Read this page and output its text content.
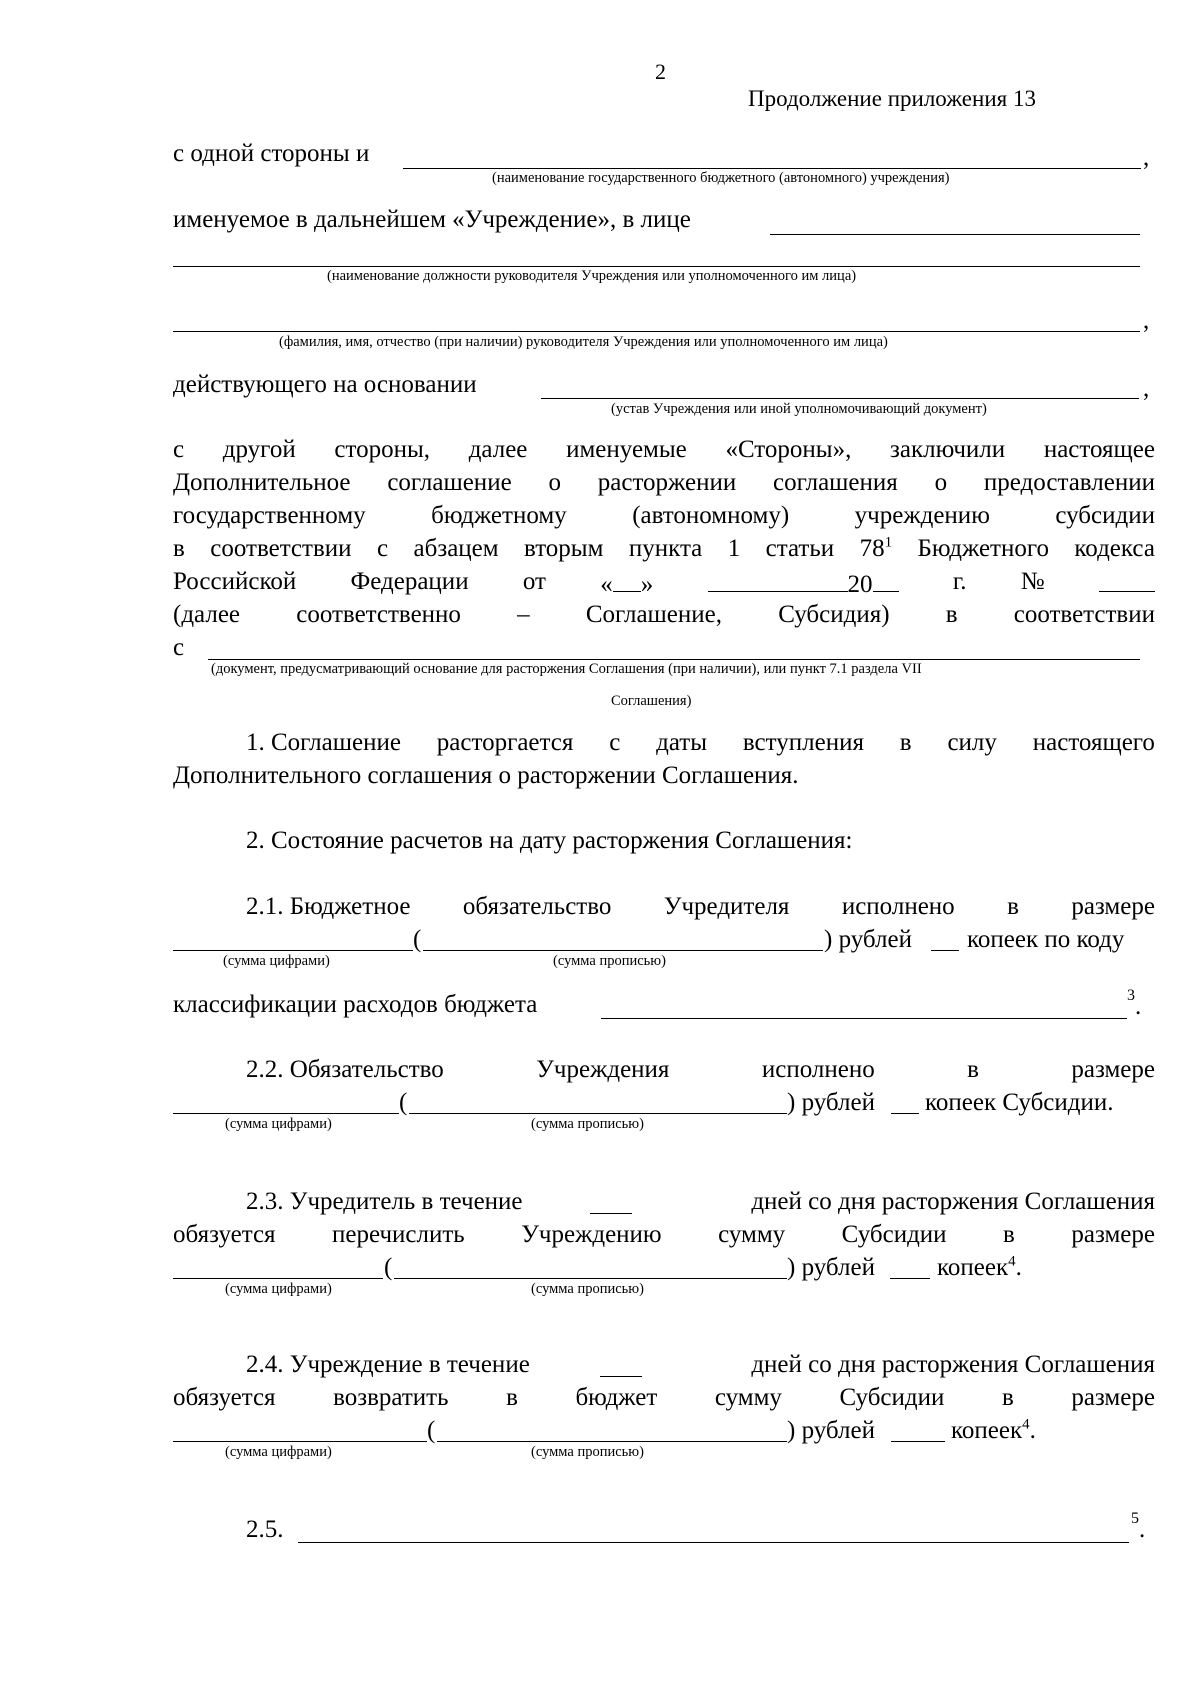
2
Продолжение приложения 13
с одной стороны и	,
(наименование государственного бюджетного (автономного) учреждения)
именуемое в дальнейшем «Учреждение», в лице
(наименование должности руководителя Учреждения или уполномоченного им лица)
,
(фамилия, имя, отчество (при наличии) руководителя Учреждения или уполномоченного им лица)
действующего на основании	,
(устав Учреждения или иной уполномочивающий документ)
с другой стороны, далее именуемые «Стороны», заключили настоящее
Дополнительное соглашение о расторжении соглашения о предоставлении
государственному	бюджетному	(автономному)	учреждению	субсидии
в соответствии с абзацем вторым пункта 1 статьи $78^1$ Бюджетного кодекса
Российской Федерации от « »	20	г. №
(далее соответственно – Соглашение, Субсидия) в соответствии
с
(документ, предусматривающий основание для расторжения Соглашения (при наличии), или пункт 7.1 раздела VII
Соглашения)
1. Соглашение расторгается с даты вступления в силу настоящего
Дополнительного соглашения о расторжении Соглашения.
2. Состояние расчетов на дату расторжения Соглашения:
2.1. Бюджетное обязательство Учредителя исполнено в размере
(	) рублей копеек по коду
(сумма цифрами)	(сумма прописью)
классификации расходов бюджета	3 .
2.2. Обязательство	Учреждения	исполнено	в	размере
(	) рублей копеек Субсидии.
(сумма цифрами)	(сумма прописью)
2.3. Учредитель в течение	дней со дня расторжения Соглашения
обязуется перечислить Учреждению сумму Субсидии в размере
(	) рублей копеек$^4$.
(сумма цифрами)	(сумма прописью)
2.4. Учреждение в течение	дней со дня расторжения Соглашения
обязуется возвратить в бюджет сумму Субсидии в размере
(	) рублей	копеек$^4$.
(сумма цифрами)	(сумма прописью)
2.5.	5 .
